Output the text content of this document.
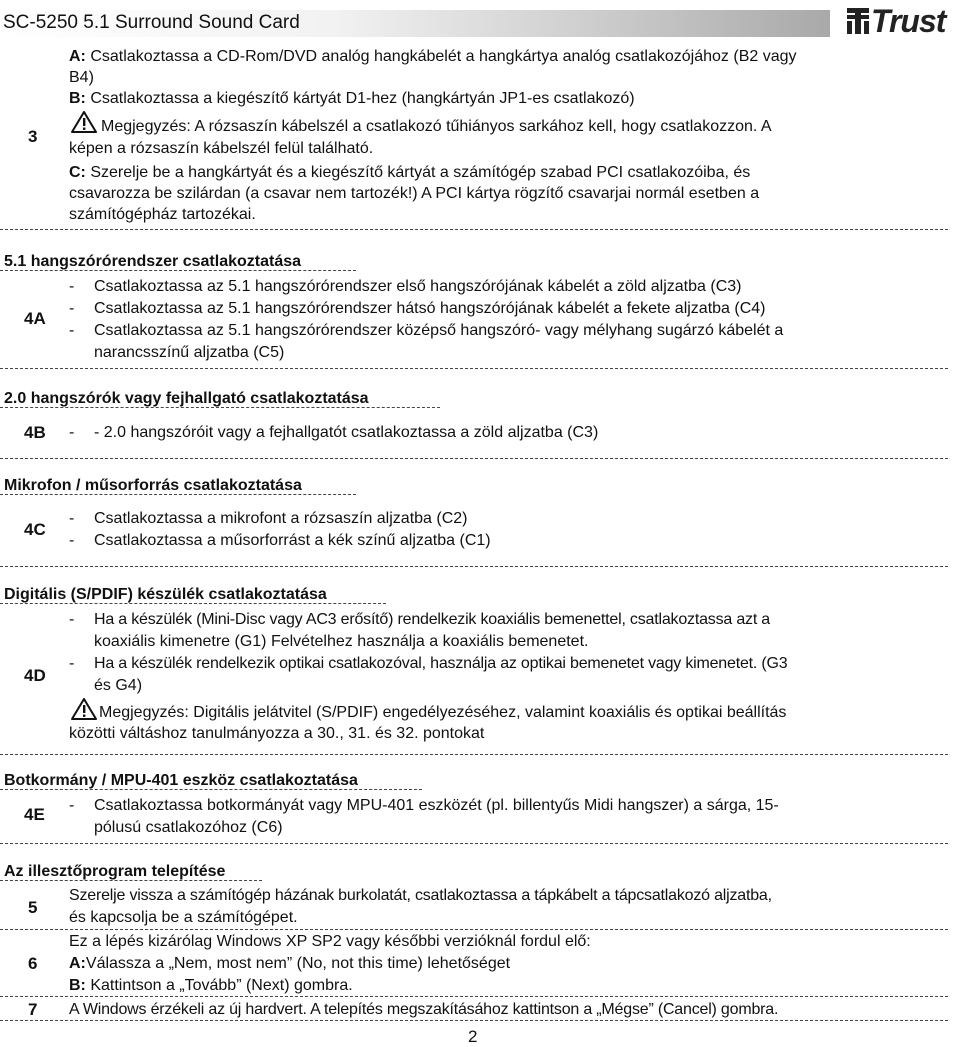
SC-5250 5.1 Surround Sound Card	Trust
3
A: Csatlakoztassa a CD-Rom/DVD analóg hangkábelét a hangkártya analóg csatlakozójához (B2 vagy
B4)
B: Csatlakoztassa a kiegészítő kártyát D1-hez (hangkártyán JP1-es csatlakozó)
Megjegyzés: A rózsaszín kábelszél a csatlakozó tűhiányos sarkához kell, hogy csatlakozzon. A
képen a rózsaszín kábelszél felül található.
C: Szerelje be a hangkártyát és a kiegészítő kártyát a számítógép szabad PCI csatlakozóiba, és
csavarozza be szilárdan (a csavar nem tartozék!) A PCI kártya rögzítő csavarjai normál esetben a
számítógépház tartozékai.
5.1 hangszórórendszer csatlakoztatása
4A
- Csatlakoztassa az 5.1 hangszórórendszer első hangszórójának kábelét a zöld aljzatba (C3)
- Csatlakoztassa az 5.1 hangszórórendszer hátsó hangszórójának kábelét a fekete aljzatba (C4)
- Csatlakoztassa az 5.1 hangszórórendszer középső hangszóró- vagy mélyhang sugárzó kábelét a
narancsszínű aljzatba (C5)
2.0 hangszórók vagy fejhallgató csatlakoztatása
4B - - 2.0 hangszóróit vagy a fejhallgatót csatlakoztassa a zöld aljzatba (C3)
Mikrofon / műsorforrás csatlakoztatása
4C
- Csatlakoztassa a mikrofont a rózsaszín aljzatba (C2)
- Csatlakoztassa a műsorforrást a kék színű aljzatba (C1)
Digitális (S/PDIF) készülék csatlakoztatása
4D
- Ha a készülék (Mini-Disc vagy AC3 erősítő) rendelkezik koaxiális bemenettel, csatlakoztassa azt a
koaxiális kimenetre (G1) Felvételhez használja a koaxiális bemenetet.
- Ha a készülék rendelkezik optikai csatlakozóval, használja az optikai bemenetet vagy kimenetet. (G3
és G4)
Megjegyzés: Digitális jelátvitel (S/PDIF) engedélyezéséhez, valamint koaxiális és optikai beállítás
közötti váltáshoz tanulmányozza a 30., 31. és 32. pontokat
Botkormány / MPU-401 eszköz csatlakoztatása
4E - Csatlakoztassa botkormányát vagy MPU-401 eszközét (pl. billentyűs Midi hangszer) a sárga, 15-
pólusú csatlakozóhoz (C6)
Az illesztőprogram telepítése
5
Szerelje vissza a számítógép házának burkolatát, csatlakoztassa a tápkábelt a tápcsatlakozó aljzatba,
és kapcsolja be a számítógépet.
6
Ez a lépés kizárólag Windows XP SP2 vagy későbbi verzióknál fordul elő:
A:Válassza a „Nem, most nem” (No, not this time) lehetőséget
B: Kattintson a „Tovább” (Next) gombra.
7 A Windows érzékeli az új hardvert. A telepítés megszakításához kattintson a „Mégse” (Cancel) gombra.
2
